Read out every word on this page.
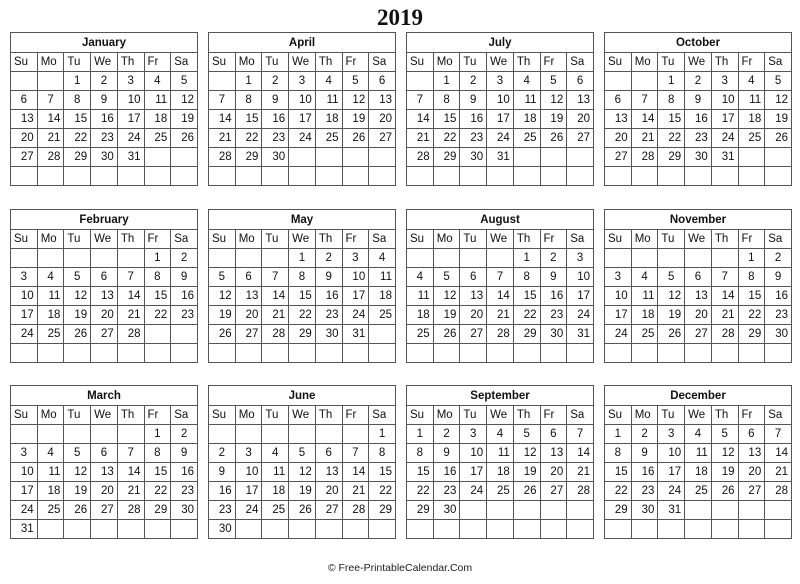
2019
January						
Su	Mo	Tu	We	Th	Fr	Sa
		1	2	3	4	5
6	7	8	9	10	11	12
13	14	15	16	17	18	19
20	21	22	23	24	25	26
27	28	29	30	31		

February						
Su	Mo	Tu	We	Th	Fr	Sa
					1	2
3	4	5	6	7	8	9
10	11	12	13	14	15	16
17	18	19	20	21	22	23
24	25	26	27	28		

March						
Su	Mo	Tu	We	Th	Fr	Sa
					1	2
3	4	5	6	7	8	9
10	11	12	13	14	15	16
17	18	19	20	21	22	23
24	25	26	27	28	29	30
31						
April						
Su	Mo	Tu	We	Th	Fr	Sa
	1	2	3	4	5	6
7	8	9	10	11	12	13
14	15	16	17	18	19	20
21	22	23	24	25	26	27
28	29	30				

May						
Su	Mo	Tu	We	Th	Fr	Sa
			1	2	3	4
5	6	7	8	9	10	11
12	13	14	15	16	17	18
19	20	21	22	23	24	25
26	27	28	29	30	31	

June						
Su	Mo	Tu	We	Th	Fr	Sa
						1
2	3	4	5	6	7	8
9	10	11	12	13	14	15
16	17	18	19	20	21	22
23	24	25	26	27	28	29
30						
July						
Su	Mo	Tu	We	Th	Fr	Sa
	1	2	3	4	5	6
7	8	9	10	11	12	13
14	15	16	17	18	19	20
21	22	23	24	25	26	27
28	29	30	31			

August						
Su	Mo	Tu	We	Th	Fr	Sa
				1	2	3
4	5	6	7	8	9	10
11	12	13	14	15	16	17
18	19	20	21	22	23	24
25	26	27	28	29	30	31

September						
Su	Mo	Tu	We	Th	Fr	Sa
1	2	3	4	5	6	7
8	9	10	11	12	13	14
15	16	17	18	19	20	21
22	23	24	25	26	27	28
29	30					

October						
Su	Mo	Tu	We	Th	Fr	Sa
		1	2	3	4	5
6	7	8	9	10	11	12
13	14	15	16	17	18	19
20	21	22	23	24	25	26
27	28	29	30	31		

November						
Su	Mo	Tu	We	Th	Fr	Sa
					1	2
3	4	5	6	7	8	9
10	11	12	13	14	15	16
17	18	19	20	21	22	23
24	25	26	27	28	29	30

December						
Su	Mo	Tu	We	Th	Fr	Sa
1	2	3	4	5	6	7
8	9	10	11	12	13	14
15	16	17	18	19	20	21
22	23	24	25	26	27	28
29	30	31				

© Free-PrintableCalendar.Com
